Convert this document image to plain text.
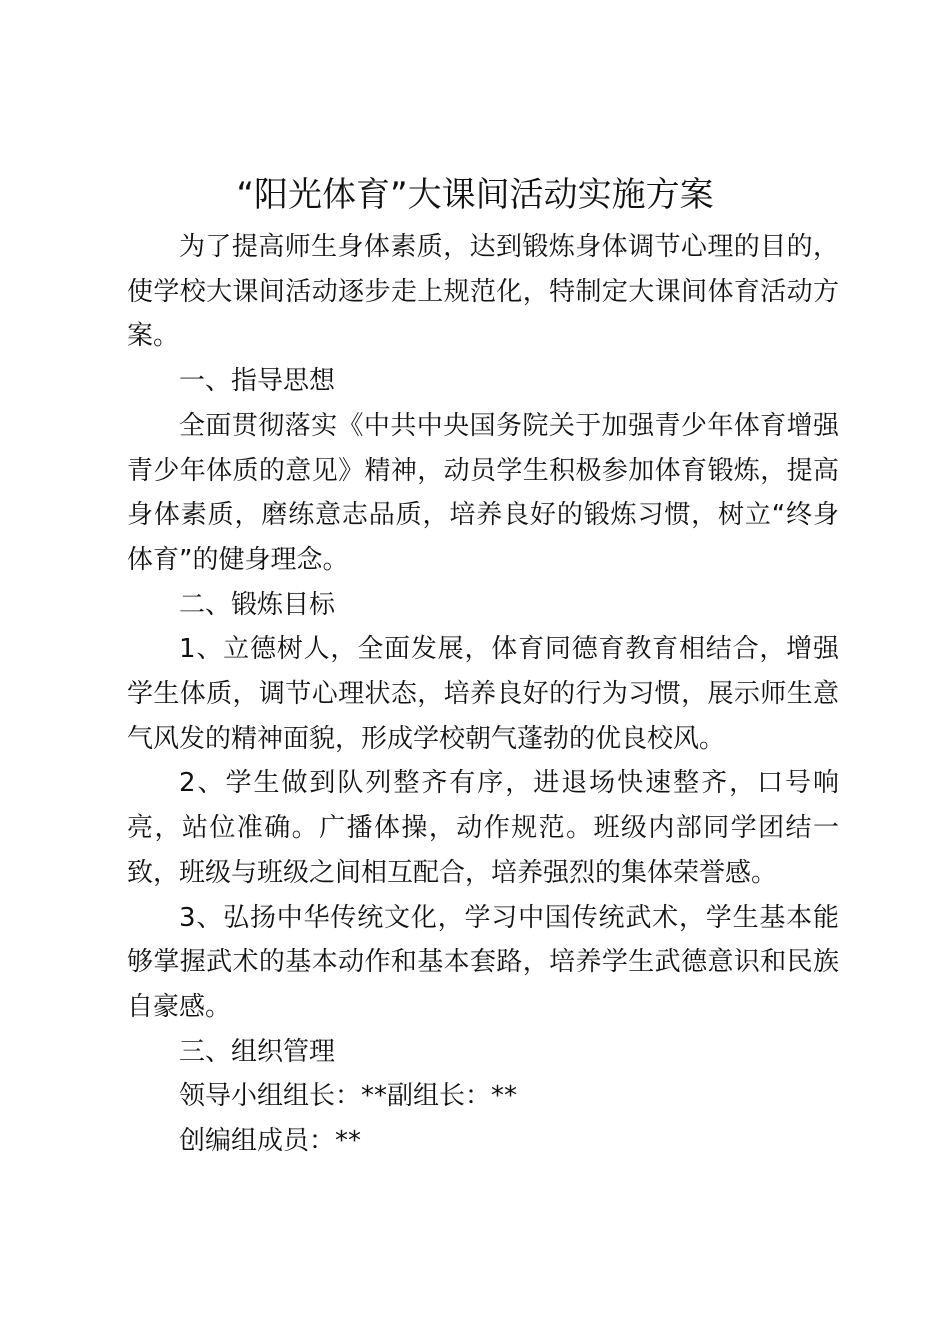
“阳光体育”大课间活动实施方案

为了提高师生身体素质，达到锻炼身体调节心理的目的，使学校大课间活动逐步走上规范化，特制定大课间体育活动方案。

一、指导思想

全面贯彻落实《中共中央国务院关于加强青少年体育增强青少年体质的意见》精神，动员学生积极参加体育锻炼，提高身体素质，磨练意志品质，培养良好的锻炼习惯，树立“终身体育”的健身理念。

二、锻炼目标

1、立德树人，全面发展，体育同德育教育相结合，增强学生体质，调节心理状态，培养良好的行为习惯，展示师生意气风发的精神面貌，形成学校朝气蓬勃的优良校风。

2、学生做到队列整齐有序，进退场快速整齐，口号响亮，站位准确。广播体操，动作规范。班级内部同学团结一致，班级与班级之间相互配合，培养强烈的集体荣誉感。

3、弘扬中华传统文化，学习中国传统武术，学生基本能够掌握武术的基本动作和基本套路，培养学生武德意识和民族自豪感。

三、组织管理

领导小组组长：**副组长：**

创编组成员：**
